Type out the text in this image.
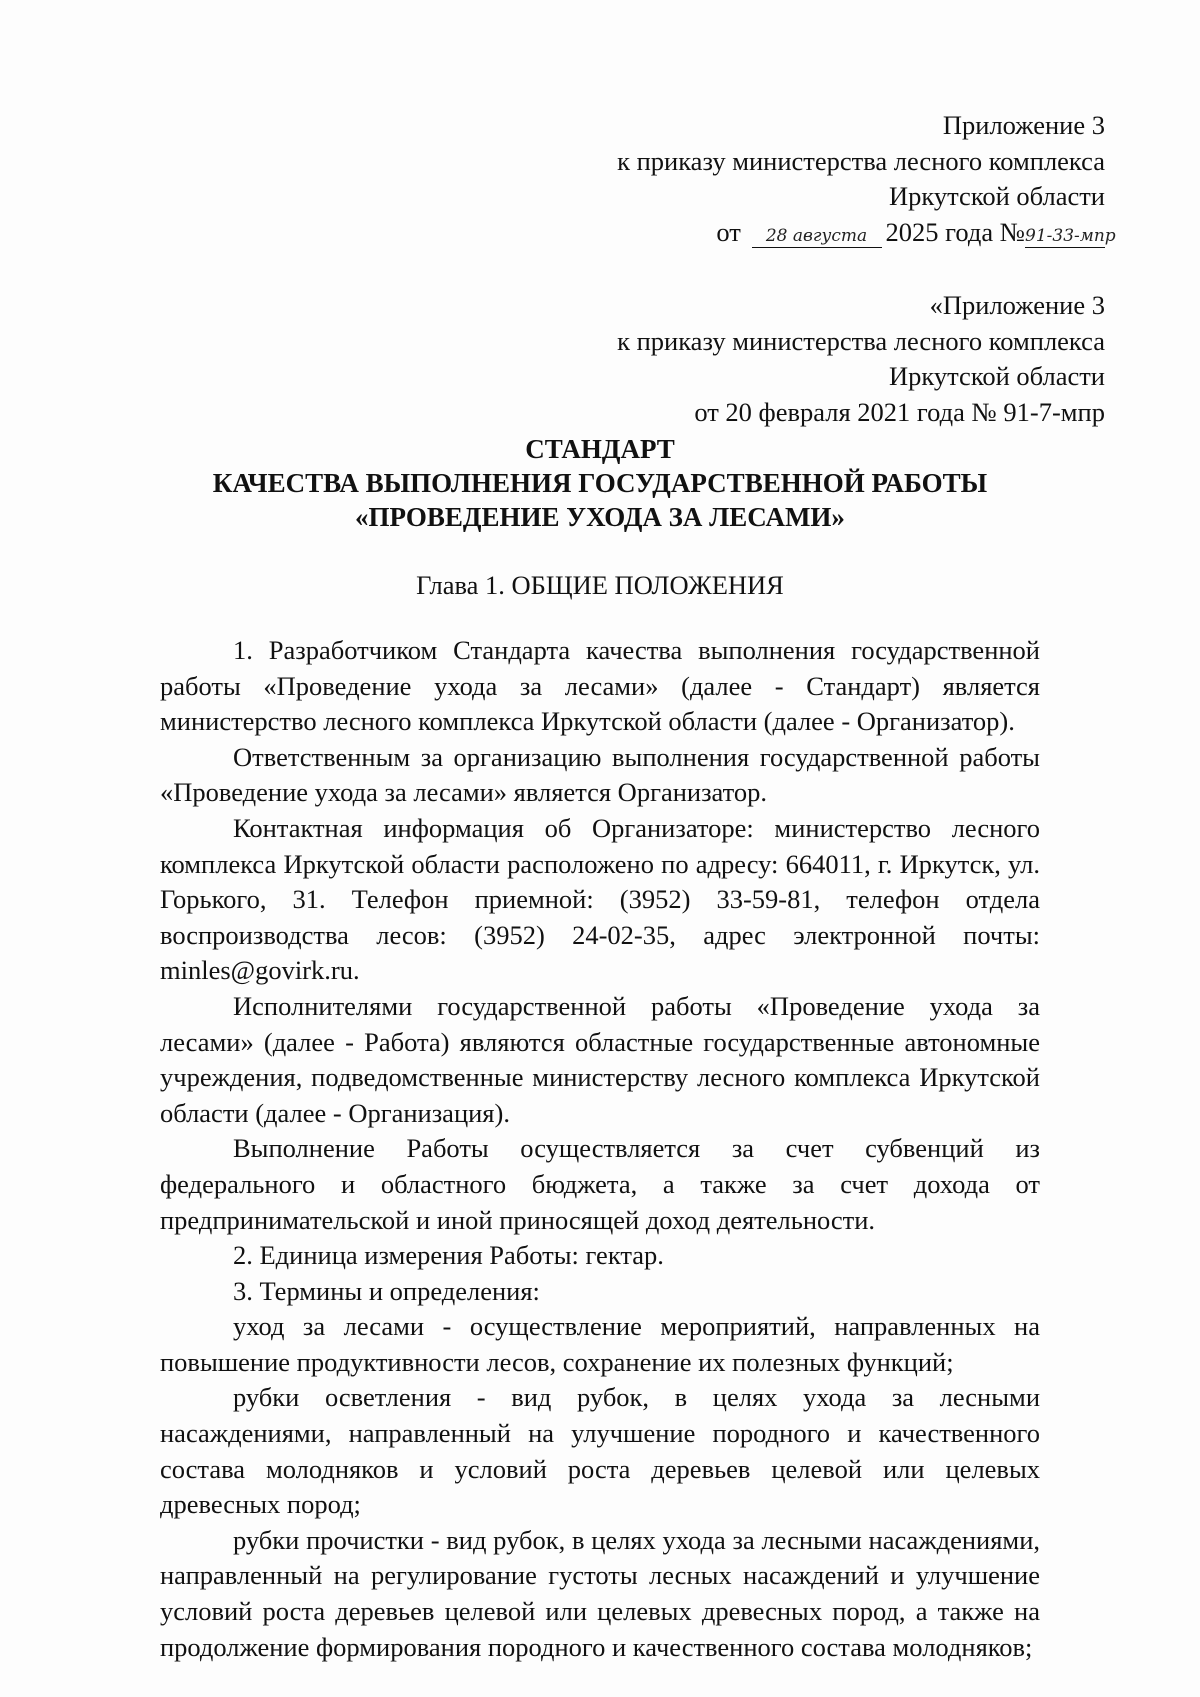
Приложение 3
к приказу министерства лесного комплекса
Иркутской области
от 28 августа 2025 года №91-33-мпр
«Приложение 3
к приказу министерства лесного комплекса
Иркутской области
от 20 февраля 2021 года № 91-7-мпр
СТАНДАРТ
КАЧЕСТВА ВЫПОЛНЕНИЯ ГОСУДАРСТВЕННОЙ РАБОТЫ
«ПРОВЕДЕНИЕ УХОДА ЗА ЛЕСАМИ»
Глава 1. ОБЩИЕ ПОЛОЖЕНИЯ

1. Разработчиком Стандарта качества выполнения государственной работы «Проведение ухода за лесами» (далее - Стандарт) является министерство лесного комплекса Иркутской области (далее - Организатор).

Ответственным за организацию выполнения государственной работы «Проведение ухода за лесами» является Организатор.

Контактная информация об Организаторе: министерство лесного комплекса Иркутской области расположено по адресу: 664011, г. Иркутск, ул. Горького, 31. Телефон приемной: (3952) 33-59-81, телефон отдела воспроизводства лесов: (3952) 24-02-35, адрес электронной почты: minles@govirk.ru.

Исполнителями государственной работы «Проведение ухода за лесами» (далее - Работа) являются областные государственные автономные учреждения, подведомственные министерству лесного комплекса Иркутской области (далее - Организация).

Выполнение Работы осуществляется за счет субвенций из федерального и областного бюджета, а также за счет дохода от предпринимательской и иной приносящей доход деятельности.

2. Единица измерения Работы: гектар.

3. Термины и определения:

уход за лесами - осуществление мероприятий, направленных на повышение продуктивности лесов, сохранение их полезных функций;

рубки осветления - вид рубок, в целях ухода за лесными насаждениями, направленный на улучшение породного и качественного состава молодняков и условий роста деревьев целевой или целевых древесных пород;

рубки прочистки - вид рубок, в целях ухода за лесными насаждениями, направленный на регулирование густоты лесных насаждений и улучшение условий роста деревьев целевой или целевых древесных пород, а также на продолжение формирования породного и качественного состава молодняков;
